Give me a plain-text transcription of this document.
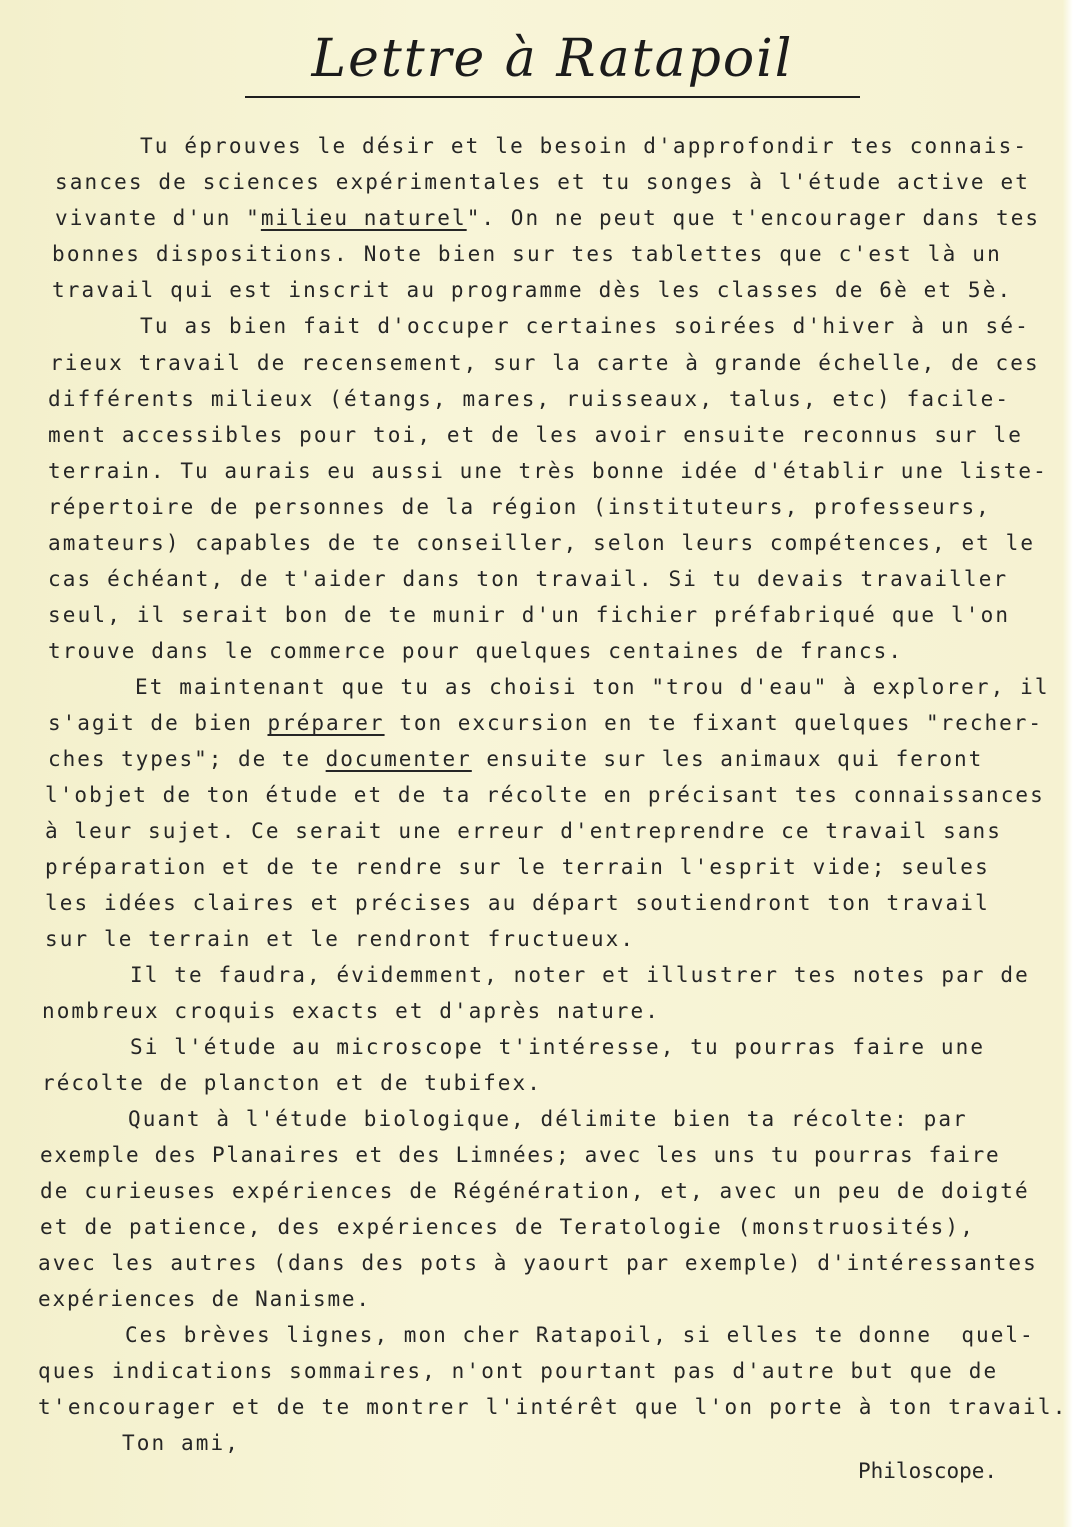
Lettre à Ratapoil
Tu éprouves le désir et le besoin d'approfondir tes connais-
sances de sciences expérimentales et tu songes à l'étude active et
vivante d'un "milieu naturel". On ne peut que t'encourager dans tes
bonnes dispositions. Note bien sur tes tablettes que c'est là un
travail qui est inscrit au programme dès les classes de 6è et 5è.
Tu as bien fait d'occuper certaines soirées d'hiver à un sé-
rieux travail de recensement, sur la carte à grande échelle, de ces
différents milieux (étangs, mares, ruisseaux, talus, etc) facile-
ment accessibles pour toi, et de les avoir ensuite reconnus sur le
terrain. Tu aurais eu aussi une très bonne idée d'établir une liste-
répertoire de personnes de la région (instituteurs, professeurs,
amateurs) capables de te conseiller, selon leurs compétences, et le
cas échéant, de t'aider dans ton travail. Si tu devais travailler
seul, il serait bon de te munir d'un fichier préfabriqué que l'on
trouve dans le commerce pour quelques centaines de francs.
Et maintenant que tu as choisi ton "trou d'eau" à explorer, il
s'agit de bien préparer ton excursion en te fixant quelques "recher-
ches types"; de te documenter ensuite sur les animaux qui feront
l'objet de ton étude et de ta récolte en précisant tes connaissances
à leur sujet. Ce serait une erreur d'entreprendre ce travail sans
préparation et de te rendre sur le terrain l'esprit vide; seules
les idées claires et précises au départ soutiendront ton travail
sur le terrain et le rendront fructueux.
Il te faudra, évidemment, noter et illustrer tes notes par de
nombreux croquis exacts et d'après nature.
Si l'étude au microscope t'intéresse, tu pourras faire une
récolte de plancton et de tubifex.
Quant à l'étude biologique, délimite bien ta récolte: par
exemple des Planaires et des Limnées; avec les uns tu pourras faire
de curieuses expériences de Régénération, et, avec un peu de doigté
et de patience, des expériences de Teratologie (monstruosités),
avec les autres (dans des pots à yaourt par exemple) d'intéressantes
expériences de Nanisme.
Ces brèves lignes, mon cher Ratapoil, si elles te donne  quel-
ques indications sommaires, n'ont pourtant pas d'autre but que de
t'encourager et de te montrer l'intérêt que l'on porte à ton travail.
Ton ami,
Philoscope.
